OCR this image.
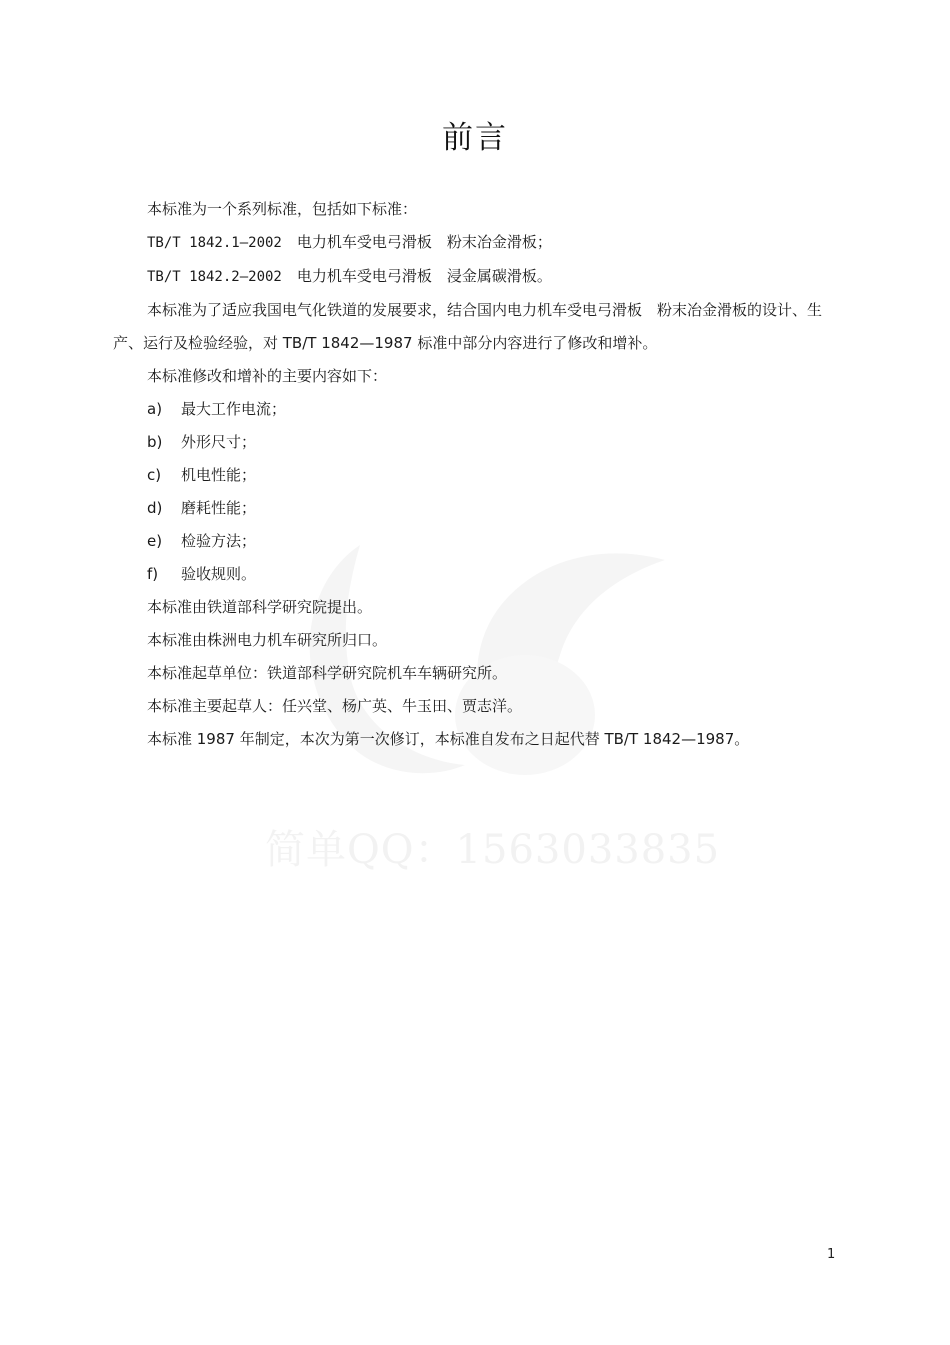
简单QQ：1563033835
前言

本标准为一个系列标准，包括如下标准：

TB/T 1842.1—2002　 电力机车受电弓滑板　粉末冶金滑板；

TB/T 1842.2—2002　 电力机车受电弓滑板　浸金属碳滑板。

本标准为了适应我国电气化铁道的发展要求，结合国内电力机车受电弓滑板　粉末冶金滑板的设计、生产、运行及检验经验，对 TB/T 1842—1987 标准中部分内容进行了修改和增补。

本标准修改和增补的主要内容如下：

a)	最大工作电流；
b)	外形尺寸；
c)	机电性能；
d)	磨耗性能；
e)	检验方法；
f)	验收规则。

本标准由铁道部科学研究院提出。

本标准由株洲电力机车研究所归口。

本标准起草单位：铁道部科学研究院机车车辆研究所。

本标准主要起草人：任兴堂、杨广英、牛玉田、贾志洋。

本标准 1987 年制定，本次为第一次修订，本标准自发布之日起代替 TB/T 1842—1987。

1
